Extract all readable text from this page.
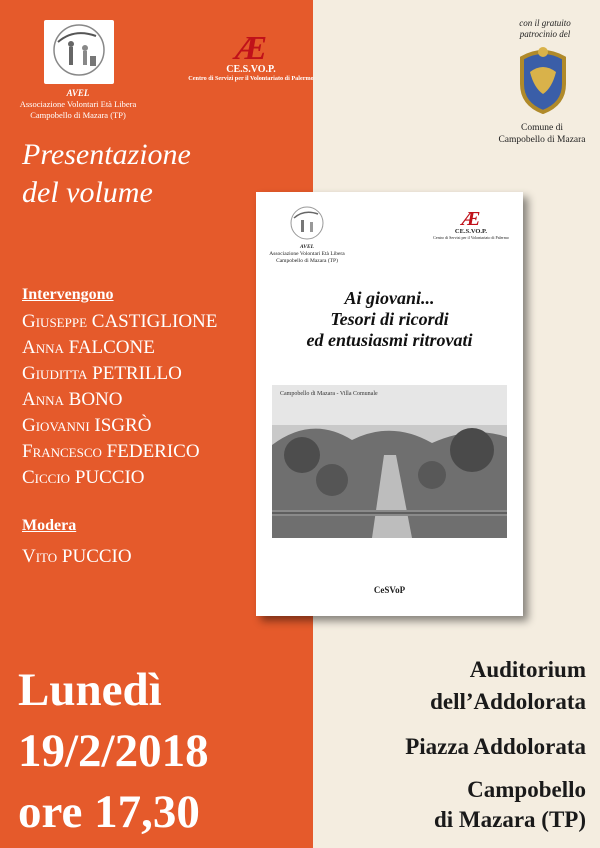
AVEL
Associazione Volontari Età Libera
Campobello di Mazara (TP)
Æ
CE.S.VO.P.
Centro di Servizi per il Volontariato di Palermo
Presentazione
del volume
Intervengono
Giuseppe CASTIGLIONE
Anna FALCONE
Giuditta PETRILLO
Anna BONO
Giovanni ISGRÒ
Francesco FEDERICO
Ciccio PUCCIO
Modera
Vito PUCCIO
Lunedì
19/2/2018
ore 17,30
con il gratuito
patrocinio del
Comune di
Campobello di Mazara
AVEL
Associazione Volontari Età Libera
Campobello di Mazara (TP)
Æ
CE.S.VO.P.
Centro di Servizi per il Volontariato di Palermo
Ai giovani...
Tesori di ricordi
ed entusiasmi ritrovati
Campobello di Mazara - Villa Comunale
CeSVoP
Auditorium
dell’Addolorata
Piazza Addolorata
Campobello
di Mazara (TP)
